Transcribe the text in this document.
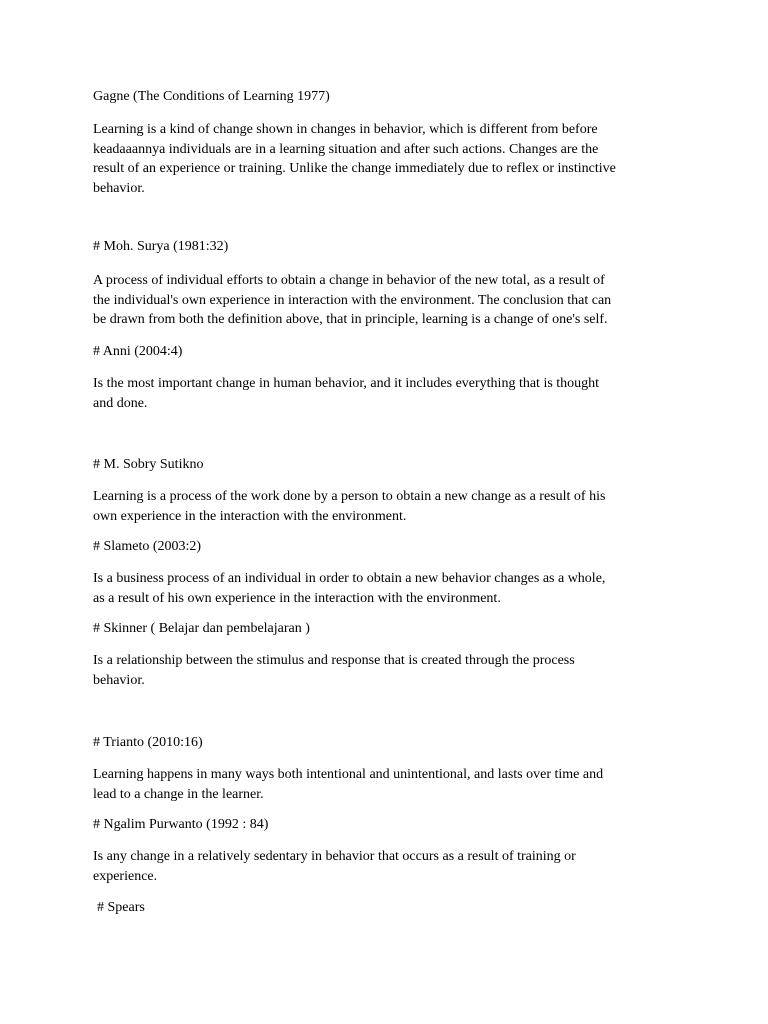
Gagne (The Conditions of Learning 1977)
Learning is a kind of change shown in changes in behavior, which is different from before
keadaaannya individuals are in a learning situation and after such actions. Changes are the
result of an experience or training. Unlike the change immediately due to reflex or instinctive
behavior.
# Moh. Surya (1981:32)
A process of individual efforts to obtain a change in behavior of the new total, as a result of
the individual's own experience in interaction with the environment. The conclusion that can
be drawn from both the definition above, that in principle, learning is a change of one's self.
# Anni (2004:4)
Is the most important change in human behavior, and it includes everything that is thought
and done.
# M. Sobry Sutikno
Learning is a process of the work done by a person to obtain a new change as a result of his
own experience in the interaction with the environment.
# Slameto (2003:2)
Is a business process of an individual in order to obtain a new behavior changes as a whole,
as a result of his own experience in the interaction with the environment.
# Skinner ( Belajar dan pembelajaran )
Is a relationship between the stimulus and response that is created through the process
behavior.
# Trianto (2010:16)
Learning happens in many ways both intentional and unintentional, and lasts over time and
lead to a change in the learner.
# Ngalim Purwanto (1992 : 84)
Is any change in a relatively sedentary in behavior that occurs as a result of training or
experience.
# Spears
